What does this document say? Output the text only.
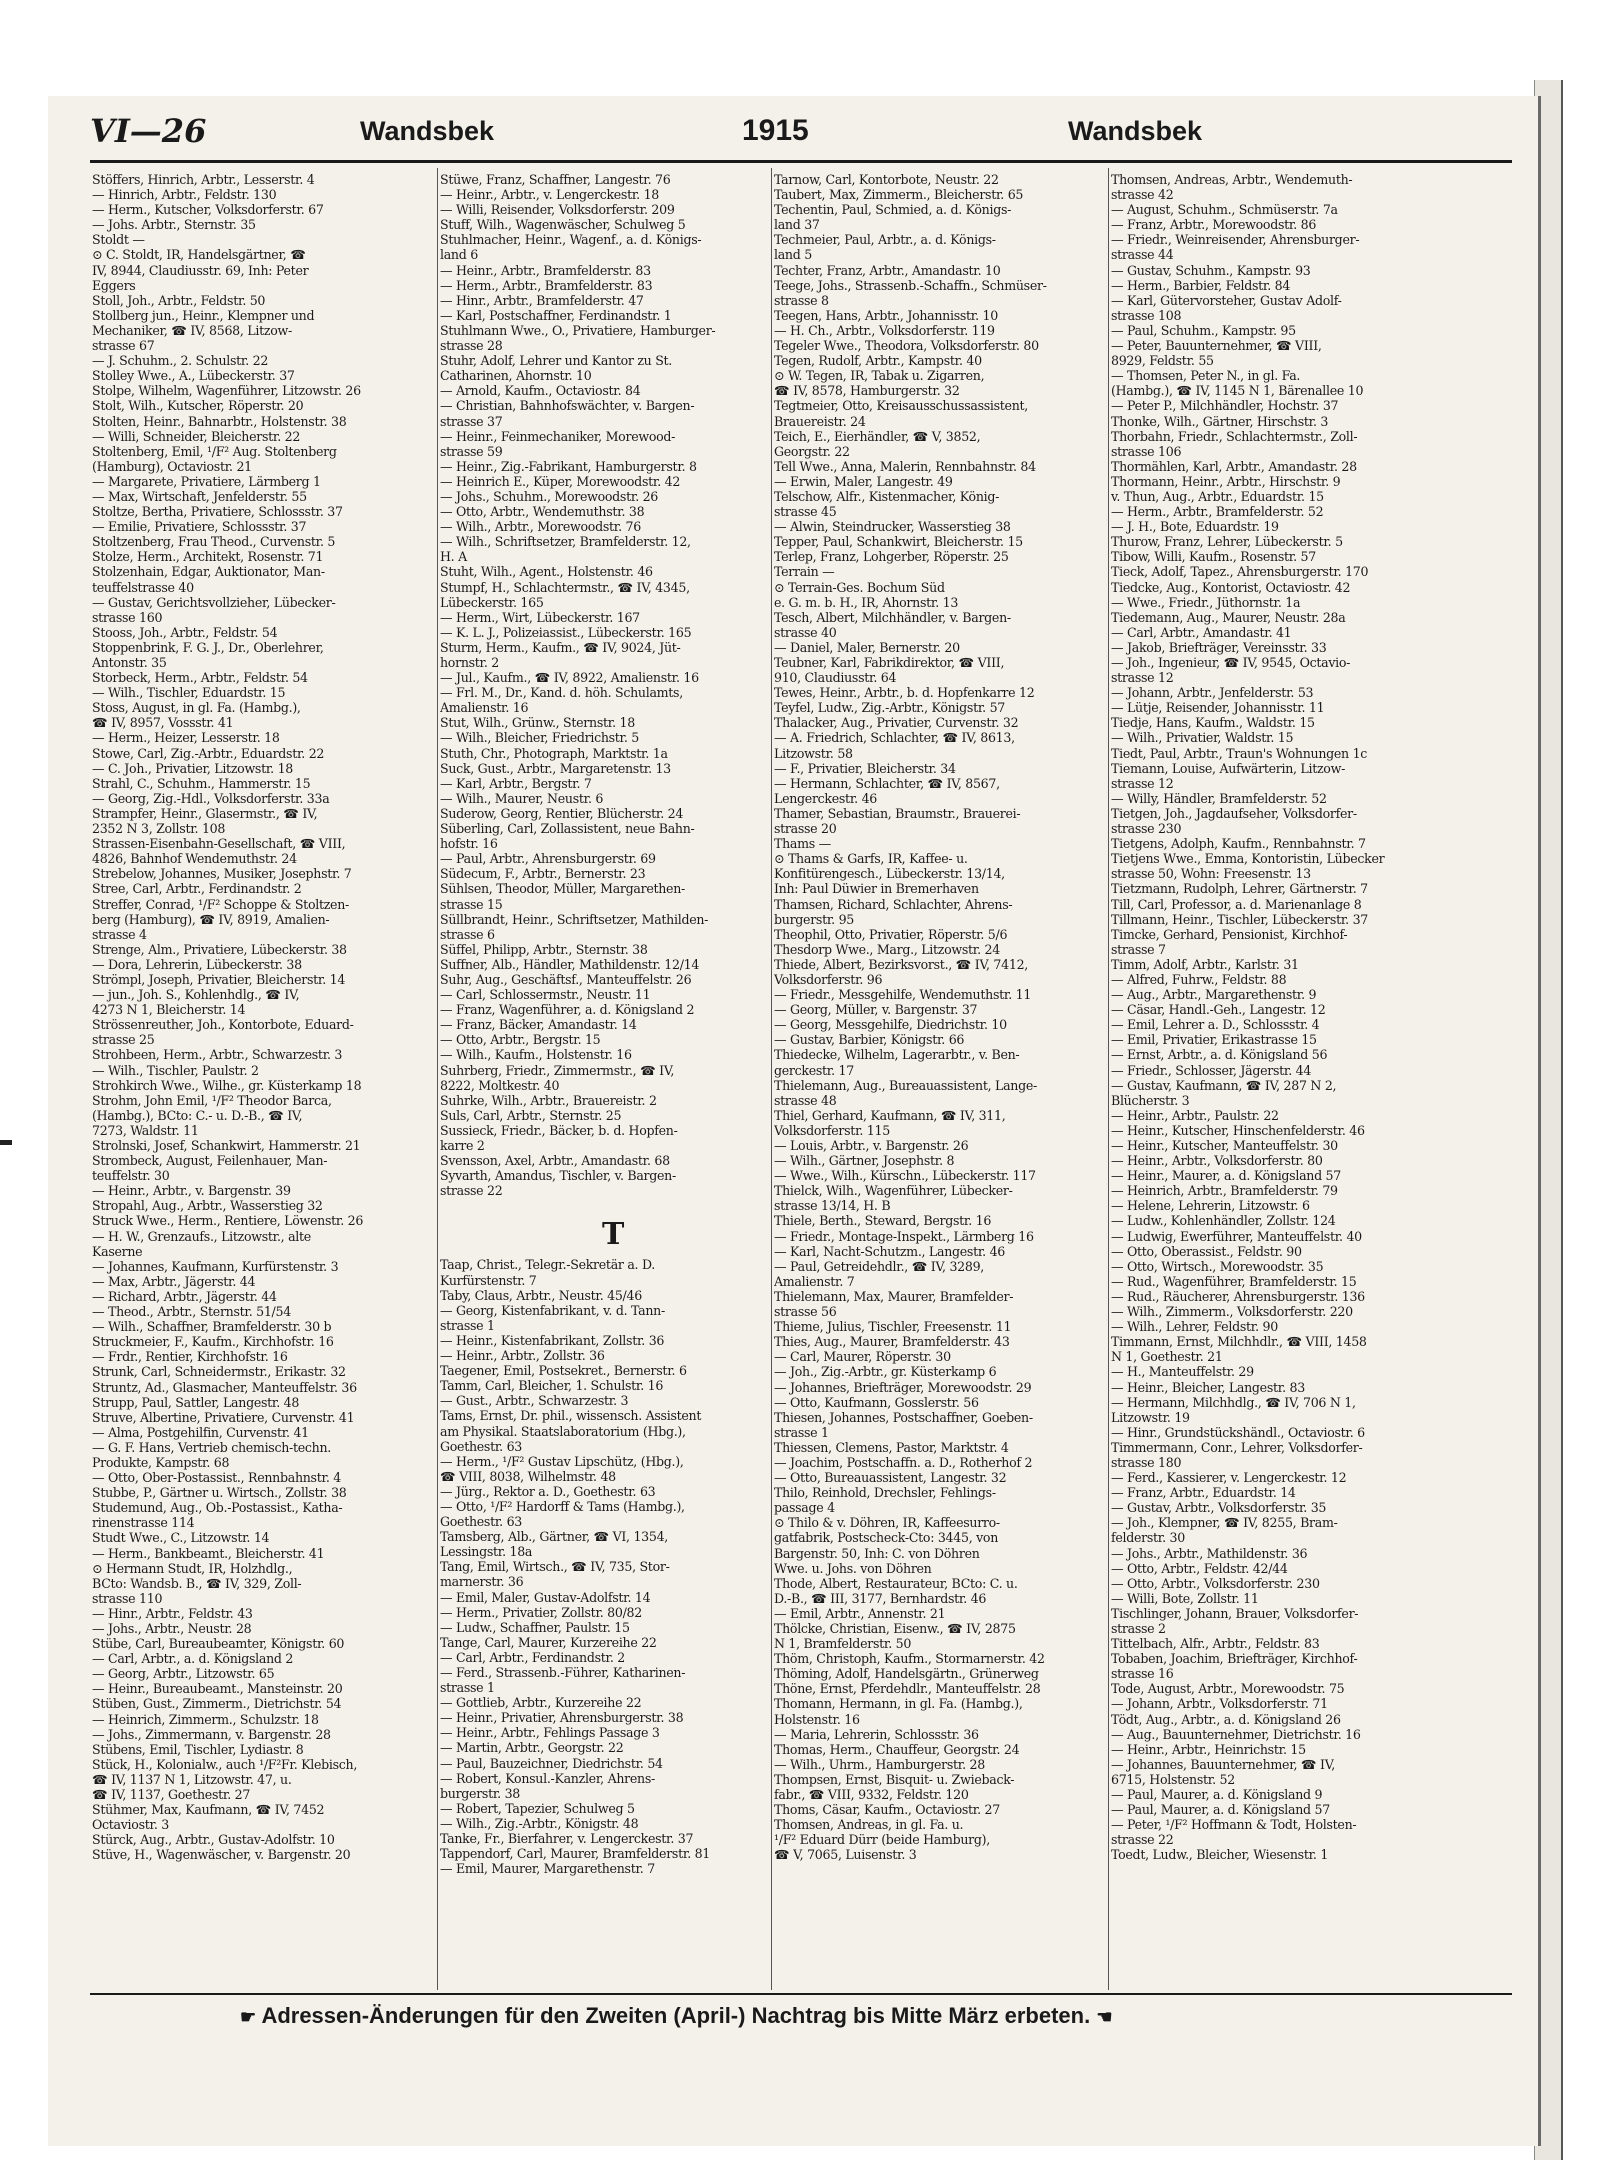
VI—26	Wandsbek	1915	Wandsbek
Stöffers, Hinrich, Arbtr., Lesserstr. 4
— Hinrich, Arbtr., Feldstr. 130
— Herm., Kutscher, Volksdorferstr. 67
— Johs. Arbtr., Sternstr. 35
Stoldt —
⊙ C. Stoldt, IR, Handelsgärtner, ☎
IV, 8944, Claudiusstr. 69, Inh: Peter
Eggers
Stoll, Joh., Arbtr., Feldstr. 50
Stollberg jun., Heinr., Klempner und
Mechaniker, ☎ IV, 8568, Litzow-
strasse 67
— J. Schuhm., 2. Schulstr. 22
Stolley Wwe., A., Lübeckerstr. 37
Stolpe, Wilhelm, Wagenführer, Litzowstr. 26
Stolt, Wilh., Kutscher, Röperstr. 20
Stolten, Heinr., Bahnarbtr., Holstenstr. 38
— Willi, Schneider, Bleicherstr. 22
Stoltenberg, Emil, ¹/F² Aug. Stoltenberg
(Hamburg), Octaviostr. 21
— Margarete, Privatiere, Lärmberg 1
— Max, Wirtschaft, Jenfelderstr. 55
Stoltze, Bertha, Privatiere, Schlossstr. 37
— Emilie, Privatiere, Schlossstr. 37
Stoltzenberg, Frau Theod., Curvenstr. 5
Stolze, Herm., Architekt, Rosenstr. 71
Stolzenhain, Edgar, Auktionator, Man-
teuffelstrasse 40
— Gustav, Gerichtsvollzieher, Lübecker-
strasse 160
Stooss, Joh., Arbtr., Feldstr. 54
Stoppenbrink, F. G. J., Dr., Oberlehrer,
Antonstr. 35
Storbeck, Herm., Arbtr., Feldstr. 54
— Wilh., Tischler, Eduardstr. 15
Stoss, August, in gl. Fa. (Hambg.),
☎ IV, 8957, Vossstr. 41
— Herm., Heizer, Lesserstr. 18
Stowe, Carl, Zig.-Arbtr., Eduardstr. 22
— C. Joh., Privatier, Litzowstr. 18
Strahl, C., Schuhm., Hammerstr. 15
— Georg, Zig.-Hdl., Volksdorferstr. 33a
Strampfer, Heinr., Glasermstr., ☎ IV,
2352 N 3, Zollstr. 108
Strassen-Eisenbahn-Gesellschaft, ☎ VIII,
4826, Bahnhof Wendemuthstr. 24
Strebelow, Johannes, Musiker, Josephstr. 7
Stree, Carl, Arbtr., Ferdinandstr. 2
Streffer, Conrad, ¹/F² Schoppe & Stoltzen-
berg (Hamburg), ☎ IV, 8919, Amalien-
strasse 4
Strenge, Alm., Privatiere, Lübeckerstr. 38
— Dora, Lehrerin, Lübeckerstr. 38
Strömpl, Joseph, Privatier, Bleicherstr. 14
— jun., Joh. S., Kohlenhdlg., ☎ IV,
4273 N 1, Bleicherstr. 14
Strössenreuther, Joh., Kontorbote, Eduard-
strasse 25
Strohbeen, Herm., Arbtr., Schwarzestr. 3
— Wilh., Tischler, Paulstr. 2
Strohkirch Wwe., Wilhe., gr. Küsterkamp 18
Strohm, John Emil, ¹/F² Theodor Barca,
(Hambg.), BCto: C.- u. D.-B., ☎ IV,
7273, Waldstr. 11
Strolnski, Josef, Schankwirt, Hammerstr. 21
Strombeck, August, Feilenhauer, Man-
teuffelstr. 30
— Heinr., Arbtr., v. Bargenstr. 39
Stropahl, Aug., Arbtr., Wasserstieg 32
Struck Wwe., Herm., Rentiere, Löwenstr. 26
— H. W., Grenzaufs., Litzowstr., alte
Kaserne
— Johannes, Kaufmann, Kurfürstenstr. 3
— Max, Arbtr., Jägerstr. 44
— Richard, Arbtr., Jägerstr. 44
— Theod., Arbtr., Sternstr. 51/54
— Wilh., Schaffner, Bramfelderstr. 30 b
Struckmeier, F., Kaufm., Kirchhofstr. 16
— Frdr., Rentier, Kirchhofstr. 16
Strunk, Carl, Schneidermstr., Erikastr. 32
Struntz, Ad., Glasmacher, Manteuffelstr. 36
Strupp, Paul, Sattler, Langestr. 48
Struve, Albertine, Privatiere, Curvenstr. 41
— Alma, Postgehilfin, Curvenstr. 41
— G. F. Hans, Vertrieb chemisch-techn.
Produkte, Kampstr. 68
— Otto, Ober-Postassist., Rennbahnstr. 4
Stubbe, P., Gärtner u. Wirtsch., Zollstr. 38
Studemund, Aug., Ob.-Postassist., Katha-
rinenstrasse 114
Studt Wwe., C., Litzowstr. 14
— Herm., Bankbeamt., Bleicherstr. 41
⊙ Hermann Studt, IR, Holzhdlg.,
BCto: Wandsb. B., ☎ IV, 329, Zoll-
strasse 110
— Hinr., Arbtr., Feldstr. 43
— Johs., Arbtr., Neustr. 28
Stübe, Carl, Bureaubeamter, Königstr. 60
— Carl, Arbtr., a. d. Königsland 2
— Georg, Arbtr., Litzowstr. 65
— Heinr., Bureaubeamt., Mansteinstr. 20
Stüben, Gust., Zimmerm., Dietrichstr. 54
— Heinrich, Zimmerm., Schulzstr. 18
— Johs., Zimmermann, v. Bargenstr. 28
Stübens, Emil, Tischler, Lydiastr. 8
Stück, H., Kolonialw., auch ¹/F²Fr. Klebisch,
☎ IV, 1137 N 1, Litzowstr. 47, u.
☎ IV, 1137, Goethestr. 27
Stühmer, Max, Kaufmann, ☎ IV, 7452
Octaviostr. 3
Stürck, Aug., Arbtr., Gustav-Adolfstr. 10
Stüve, H., Wagenwäscher, v. Bargenstr. 20
Stüwe, Franz, Schaffner, Langestr. 76
— Heinr., Arbtr., v. Lengerckestr. 18
— Willi, Reisender, Volksdorferstr. 209
Stuff, Wilh., Wagenwäscher, Schulweg 5
Stuhlmacher, Heinr., Wagenf., a. d. Königs-
land 6
— Heinr., Arbtr., Bramfelderstr. 83
— Herm., Arbtr., Bramfelderstr. 83
— Hinr., Arbtr., Bramfelderstr. 47
— Karl, Postschaffner, Ferdinandstr. 1
Stuhlmann Wwe., O., Privatiere, Hamburger-
strasse 28
Stuhr, Adolf, Lehrer und Kantor zu St.
Catharinen, Ahornstr. 10
— Arnold, Kaufm., Octaviostr. 84
— Christian, Bahnhofswächter, v. Bargen-
strasse 37
— Heinr., Feinmechaniker, Morewood-
strasse 59
— Heinr., Zig.-Fabrikant, Hamburgerstr. 8
— Heinrich E., Küper, Morewoodstr. 42
— Johs., Schuhm., Morewoodstr. 26
— Otto, Arbtr., Wendemuthstr. 38
— Wilh., Arbtr., Morewoodstr. 76
— Wilh., Schriftsetzer, Bramfelderstr. 12,
H. A
Stuht, Wilh., Agent., Holstenstr. 46
Stumpf, H., Schlachtermstr., ☎ IV, 4345,
Lübeckerstr. 165
— Herm., Wirt, Lübeckerstr. 167
— K. L. J., Polizeiassist., Lübeckerstr. 165
Sturm, Herm., Kaufm., ☎ IV, 9024, Jüt-
hornstr. 2
— Jul., Kaufm., ☎ IV, 8922, Amalienstr. 16
— Frl. M., Dr., Kand. d. höh. Schulamts,
Amalienstr. 16
Stut, Wilh., Grünw., Sternstr. 18
— Wilh., Bleicher, Friedrichstr. 5
Stuth, Chr., Photograph, Marktstr. 1a
Suck, Gust., Arbtr., Margaretenstr. 13
— Karl, Arbtr., Bergstr. 7
— Wilh., Maurer, Neustr. 6
Suderow, Georg, Rentier, Blücherstr. 24
Süberling, Carl, Zollassistent, neue Bahn-
hofstr. 16
— Paul, Arbtr., Ahrensburgerstr. 69
Südecum, F., Arbtr., Bernerstr. 23
Sühlsen, Theodor, Müller, Margarethen-
strasse 15
Süllbrandt, Heinr., Schriftsetzer, Mathilden-
strasse 6
Süffel, Philipp, Arbtr., Sternstr. 38
Suffner, Alb., Händler, Mathildenstr. 12/14
Suhr, Aug., Geschäftsf., Manteuffelstr. 26
— Carl, Schlossermstr., Neustr. 11
— Franz, Wagenführer, a. d. Königsland 2
— Franz, Bäcker, Amandastr. 14
— Otto, Arbtr., Bergstr. 15
— Wilh., Kaufm., Holstenstr. 16
Suhrberg, Friedr., Zimmermstr., ☎ IV,
8222, Moltkestr. 40
Suhrke, Wilh., Arbtr., Brauereistr. 2
Suls, Carl, Arbtr., Sternstr. 25
Sussieck, Friedr., Bäcker, b. d. Hopfen-
karre 2
Svensson, Axel, Arbtr., Amandastr. 68
Syvarth, Amandus, Tischler, v. Bargen-
strasse 22
T
Taap, Christ., Telegr.-Sekretär a. D.
Kurfürstenstr. 7
Taby, Claus, Arbtr., Neustr. 45/46
— Georg, Kistenfabrikant, v. d. Tann-
strasse 1
— Heinr., Kistenfabrikant, Zollstr. 36
— Heinr., Arbtr., Zollstr. 36
Taegener, Emil, Postsekret., Bernerstr. 6
Tamm, Carl, Bleicher, 1. Schulstr. 16
— Gust., Arbtr., Schwarzestr. 3
Tams, Ernst, Dr. phil., wissensch. Assistent
am Physikal. Staatslaboratorium (Hbg.),
Goethestr. 63
— Herm., ¹/F² Gustav Lipschütz, (Hbg.),
☎ VIII, 8038, Wilhelmstr. 48
— Jürg., Rektor a. D., Goethestr. 63
— Otto, ¹/F² Hardorff & Tams (Hambg.),
Goethestr. 63
Tamsberg, Alb., Gärtner, ☎ VI, 1354,
Lessingstr. 18a
Tang, Emil, Wirtsch., ☎ IV, 735, Stor-
marnerstr. 36
— Emil, Maler, Gustav-Adolfstr. 14
— Herm., Privatier, Zollstr. 80/82
— Ludw., Schaffner, Paulstr. 15
Tange, Carl, Maurer, Kurzereihe 22
— Carl, Arbtr., Ferdinandstr. 2
— Ferd., Strassenb.-Führer, Katharinen-
strasse 1
— Gottlieb, Arbtr., Kurzereihe 22
— Heinr., Privatier, Ahrensburgerstr. 38
— Heinr., Arbtr., Fehlings Passage 3
— Martin, Arbtr., Georgstr. 22
— Paul, Bauzeichner, Diedrichstr. 54
— Robert, Konsul.-Kanzler, Ahrens-
burgerstr. 38
— Robert, Tapezier, Schulweg 5
— Wilh., Zig.-Arbtr., Königstr. 48
Tanke, Fr., Bierfahrer, v. Lengerckestr. 37
Tappendorf, Carl, Maurer, Bramfelderstr. 81
— Emil, Maurer, Margarethenstr. 7
Tarnow, Carl, Kontorbote, Neustr. 22
Taubert, Max, Zimmerm., Bleicherstr. 65
Techentin, Paul, Schmied, a. d. Königs-
land 37
Techmeier, Paul, Arbtr., a. d. Königs-
land 5
Techter, Franz, Arbtr., Amandastr. 10
Teege, Johs., Strassenb.-Schaffn., Schmüser-
strasse 8
Teegen, Hans, Arbtr., Johannisstr. 10
— H. Ch., Arbtr., Volksdorferstr. 119
Tegeler Wwe., Theodora, Volksdorferstr. 80
Tegen, Rudolf, Arbtr., Kampstr. 40
⊙ W. Tegen, IR, Tabak u. Zigarren,
☎ IV, 8578, Hamburgerstr. 32
Tegtmeier, Otto, Kreisausschussassistent,
Brauereistr. 24
Teich, E., Eierhändler, ☎ V, 3852,
Georgstr. 22
Tell Wwe., Anna, Malerin, Rennbahnstr. 84
— Erwin, Maler, Langestr. 49
Telschow, Alfr., Kistenmacher, König-
strasse 45
— Alwin, Steindrucker, Wasserstieg 38
Tepper, Paul, Schankwirt, Bleicherstr. 15
Terlep, Franz, Lohgerber, Röperstr. 25
Terrain —
⊙ Terrain-Ges. Bochum Süd
e. G. m. b. H., IR, Ahornstr. 13
Tesch, Albert, Milchhändler, v. Bargen-
strasse 40
— Daniel, Maler, Bernerstr. 20
Teubner, Karl, Fabrikdirektor, ☎ VIII,
910, Claudiusstr. 64
Tewes, Heinr., Arbtr., b. d. Hopfenkarre 12
Teyfel, Ludw., Zig.-Arbtr., Königstr. 57
Thalacker, Aug., Privatier, Curvenstr. 32
— A. Friedrich, Schlachter, ☎ IV, 8613,
Litzowstr. 58
— F., Privatier, Bleicherstr. 34
— Hermann, Schlachter, ☎ IV, 8567,
Lengerckestr. 46
Thamer, Sebastian, Braumstr., Brauerei-
strasse 20
Thams —
⊙ Thams & Garfs, IR, Kaffee- u.
Konfitürengesch., Lübeckerstr. 13/14,
Inh: Paul Düwier in Bremerhaven
Thamsen, Richard, Schlachter, Ahrens-
burgerstr. 95
Theophil, Otto, Privatier, Röperstr. 5/6
Thesdorp Wwe., Marg., Litzowstr. 24
Thiede, Albert, Bezirksvorst., ☎ IV, 7412,
Volksdorferstr. 96
— Friedr., Messgehilfe, Wendemuthstr. 11
— Georg, Müller, v. Bargenstr. 37
— Georg, Messgehilfe, Diedrichstr. 10
— Gustav, Barbier, Königstr. 66
Thiedecke, Wilhelm, Lagerarbtr., v. Ben-
gerckestr. 17
Thielemann, Aug., Bureauassistent, Lange-
strasse 48
Thiel, Gerhard, Kaufmann, ☎ IV, 311,
Volksdorferstr. 115
— Louis, Arbtr., v. Bargenstr. 26
— Wilh., Gärtner, Josephstr. 8
— Wwe., Wilh., Kürschn., Lübeckerstr. 117
Thielck, Wilh., Wagenführer, Lübecker-
strasse 13/14, H. B
Thiele, Berth., Steward, Bergstr. 16
— Friedr., Montage-Inspekt., Lärmberg 16
— Karl, Nacht-Schutzm., Langestr. 46
— Paul, Getreidehdlr., ☎ IV, 3289,
Amalienstr. 7
Thielemann, Max, Maurer, Bramfelder-
strasse 56
Thieme, Julius, Tischler, Freesenstr. 11
Thies, Aug., Maurer, Bramfelderstr. 43
— Carl, Maurer, Röperstr. 30
— Joh., Zig.-Arbtr., gr. Küsterkamp 6
— Johannes, Briefträger, Morewoodstr. 29
— Otto, Kaufmann, Gosslerstr. 56
Thiesen, Johannes, Postschaffner, Goeben-
strasse 1
Thiessen, Clemens, Pastor, Marktstr. 4
— Joachim, Postschaffn. a. D., Rotherhof 2
— Otto, Bureauassistent, Langestr. 32
Thilo, Reinhold, Drechsler, Fehlings-
passage 4
⊙ Thilo & v. Döhren, IR, Kaffeesurro-
gatfabrik, Postscheck-Cto: 3445, von
Bargenstr. 50, Inh: C. von Döhren
Wwe. u. Johs. von Döhren
Thode, Albert, Restaurateur, BCto: C. u.
D.-B., ☎ III, 3177, Bernhardstr. 46
— Emil, Arbtr., Annenstr. 21
Thölcke, Christian, Eisenw., ☎ IV, 2875
N 1, Bramfelderstr. 50
Thöm, Christoph, Kaufm., Stormarnerstr. 42
Thöming, Adolf, Handelsgärtn., Grünerweg
Thöne, Ernst, Pferdehdlr., Manteuffelstr. 28
Thomann, Hermann, in gl. Fa. (Hambg.),
Holstenstr. 16
— Maria, Lehrerin, Schlossstr. 36
Thomas, Herm., Chauffeur, Georgstr. 24
— Wilh., Uhrm., Hamburgerstr. 28
Thompsen, Ernst, Bisquit- u. Zwieback-
fabr., ☎ VIII, 9332, Feldstr. 120
Thoms, Cäsar, Kaufm., Octaviostr. 27
Thomsen, Andreas, in gl. Fa. u.
¹/F² Eduard Dürr (beide Hamburg),
☎ V, 7065, Luisenstr. 3
Thomsen, Andreas, Arbtr., Wendemuth-
strasse 42
— August, Schuhm., Schmüserstr. 7a
— Franz, Arbtr., Morewoodstr. 86
— Friedr., Weinreisender, Ahrensburger-
strasse 44
— Gustav, Schuhm., Kampstr. 93
— Herm., Barbier, Feldstr. 84
— Karl, Gütervorsteher, Gustav Adolf-
strasse 108
— Paul, Schuhm., Kampstr. 95
— Peter, Bauunternehmer, ☎ VIII,
8929, Feldstr. 55
— Thomsen, Peter N., in gl. Fa.
(Hambg.), ☎ IV, 1145 N 1, Bärenallee 10
— Peter P., Milchhändler, Hochstr. 37
Thonke, Wilh., Gärtner, Hirschstr. 3
Thorbahn, Friedr., Schlachtermstr., Zoll-
strasse 106
Thormählen, Karl, Arbtr., Amandastr. 28
Thormann, Heinr., Arbtr., Hirschstr. 9
v. Thun, Aug., Arbtr., Eduardstr. 15
— Herm., Arbtr., Bramfelderstr. 52
— J. H., Bote, Eduardstr. 19
Thurow, Franz, Lehrer, Lübeckerstr. 5
Tibow, Willi, Kaufm., Rosenstr. 57
Tieck, Adolf, Tapez., Ahrensburgerstr. 170
Tiedcke, Aug., Kontorist, Octaviostr. 42
— Wwe., Friedr., Jüthornstr. 1a
Tiedemann, Aug., Maurer, Neustr. 28a
— Carl, Arbtr., Amandastr. 41
— Jakob, Briefträger, Vereinsstr. 33
— Joh., Ingenieur, ☎ IV, 9545, Octavio-
strasse 12
— Johann, Arbtr., Jenfelderstr. 53
— Lütje, Reisender, Johannisstr. 11
Tiedje, Hans, Kaufm., Waldstr. 15
— Wilh., Privatier, Waldstr. 15
Tiedt, Paul, Arbtr., Traun's Wohnungen 1c
Tiemann, Louise, Aufwärterin, Litzow-
strasse 12
— Willy, Händler, Bramfelderstr. 52
Tietgen, Joh., Jagdaufseher, Volksdorfer-
strasse 230
Tietgens, Adolph, Kaufm., Rennbahnstr. 7
Tietjens Wwe., Emma, Kontoristin, Lübecker
strasse 50, Wohn: Freesenstr. 13
Tietzmann, Rudolph, Lehrer, Gärtnerstr. 7
Till, Carl, Professor, a. d. Marienanlage 8
Tillmann, Heinr., Tischler, Lübeckerstr. 37
Timcke, Gerhard, Pensionist, Kirchhof-
strasse 7
Timm, Adolf, Arbtr., Karlstr. 31
— Alfred, Fuhrw., Feldstr. 88
— Aug., Arbtr., Margarethenstr. 9
— Cäsar, Handl.-Geh., Langestr. 12
— Emil, Lehrer a. D., Schlossstr. 4
— Emil, Privatier, Erikastrasse 15
— Ernst, Arbtr., a. d. Königsland 56
— Friedr., Schlosser, Jägerstr. 44
— Gustav, Kaufmann, ☎ IV, 287 N 2,
Blücherstr. 3
— Heinr., Arbtr., Paulstr. 22
— Heinr., Kutscher, Hinschenfelderstr. 46
— Heinr., Kutscher, Manteuffelstr. 30
— Heinr., Arbtr., Volksdorferstr. 80
— Heinr., Maurer, a. d. Königsland 57
— Heinrich, Arbtr., Bramfelderstr. 79
— Helene, Lehrerin, Litzowstr. 6
— Ludw., Kohlenhändler, Zollstr. 124
— Ludwig, Ewerführer, Manteuffelstr. 40
— Otto, Oberassist., Feldstr. 90
— Otto, Wirtsch., Morewoodstr. 35
— Rud., Wagenführer, Bramfelderstr. 15
— Rud., Räucherer, Ahrensburgerstr. 136
— Wilh., Zimmerm., Volksdorferstr. 220
— Wilh., Lehrer, Feldstr. 90
Timmann, Ernst, Milchhdlr., ☎ VIII, 1458
N 1, Goethestr. 21
— H., Manteuffelstr. 29
— Heinr., Bleicher, Langestr. 83
— Hermann, Milchhdlg., ☎ IV, 706 N 1,
Litzowstr. 19
— Hinr., Grundstückshändl., Octaviostr. 6
Timmermann, Conr., Lehrer, Volksdorfer-
strasse 180
— Ferd., Kassierer, v. Lengerckestr. 12
— Franz, Arbtr., Eduardstr. 14
— Gustav, Arbtr., Volksdorferstr. 35
— Joh., Klempner, ☎ IV, 8255, Bram-
felderstr. 30
— Johs., Arbtr., Mathildenstr. 36
— Otto, Arbtr., Feldstr. 42/44
— Otto, Arbtr., Volksdorferstr. 230
— Willi, Bote, Zollstr. 11
Tischlinger, Johann, Brauer, Volksdorfer-
strasse 2
Tittelbach, Alfr., Arbtr., Feldstr. 83
Tobaben, Joachim, Briefträger, Kirchhof-
strasse 16
Tode, August, Arbtr., Morewoodstr. 75
— Johann, Arbtr., Volksdorferstr. 71
Tödt, Aug., Arbtr., a. d. Königsland 26
— Aug., Bauunternehmer, Dietrichstr. 16
— Heinr., Arbtr., Heinrichstr. 15
— Johannes, Bauunternehmer, ☎ IV,
6715, Holstenstr. 52
— Paul, Maurer, a. d. Königsland 9
— Paul, Maurer, a. d. Königsland 57
— Peter, ¹/F² Hoffmann & Todt, Holsten-
strasse 22
Toedt, Ludw., Bleicher, Wiesenstr. 1
☛ Adressen-Änderungen für den Zweiten (April-) Nachtrag bis Mitte März erbeten. ☚
